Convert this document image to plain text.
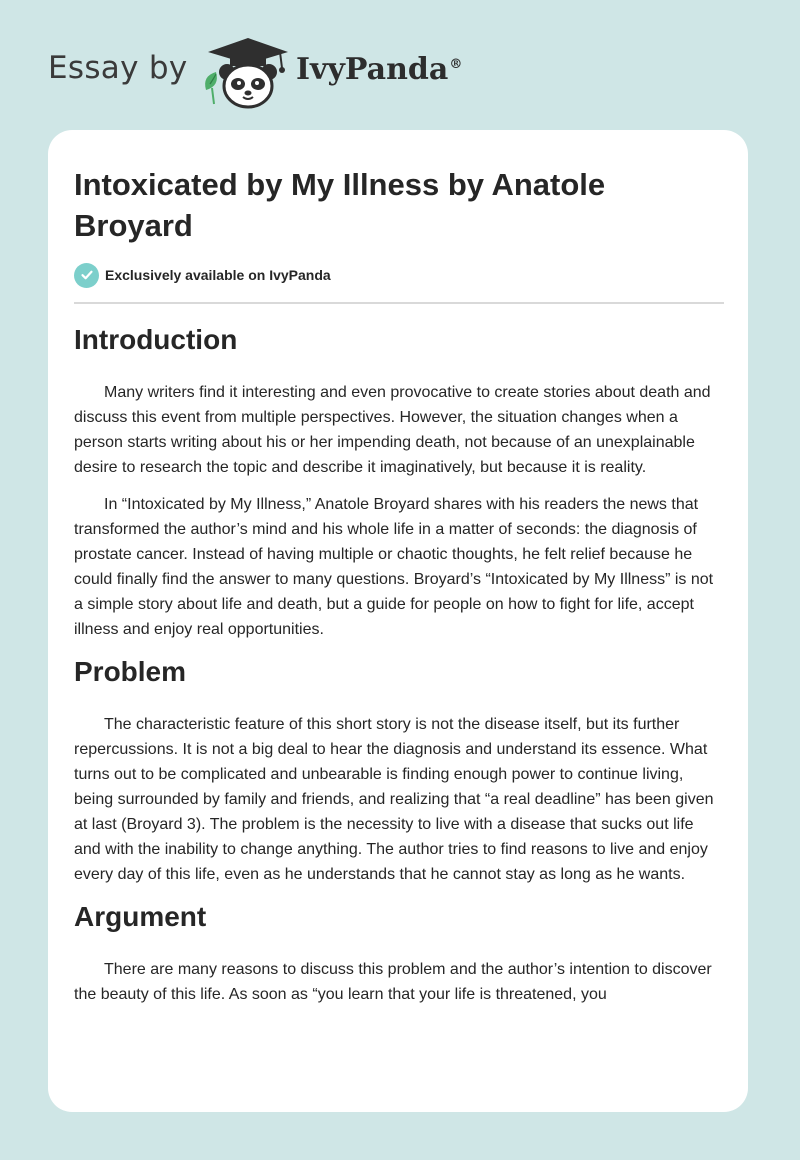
Essay by	IvyPanda®
Intoxicated by My Illness by Anatole Broyard
Exclusively available on IvyPanda
Introduction

Many writers find it interesting and even provocative to create stories about death and discuss this event from multiple perspectives. However, the situation changes when a person starts writing about his or her impending death, not because of an unexplainable desire to research the topic and describe it imaginatively, but because it is reality.

In “Intoxicated by My Illness,” Anatole Broyard shares with his readers the news that transformed the author’s mind and his whole life in a matter of seconds: the diagnosis of prostate cancer. Instead of having multiple or chaotic thoughts, he felt relief because he could finally find the answer to many questions. Broyard’s “Intoxicated by My Illness” is not a simple story about life and death, but a guide for people on how to fight for life, accept illness and enjoy real opportunities.

Problem

The characteristic feature of this short story is not the disease itself, but its further repercussions. It is not a big deal to hear the diagnosis and understand its essence. What turns out to be complicated and unbearable is finding enough power to continue living, being surrounded by family and friends, and realizing that “a real deadline” has been given at last (Broyard 3). The problem is the necessity to live with a disease that sucks out life and with the inability to change anything. The author tries to find reasons to live and enjoy every day of this life, even as he understands that he cannot stay as long as he wants.

Argument

There are many reasons to discuss this problem and the author’s intention to discover the beauty of this life. As soon as “you learn that your life is threatened, you
